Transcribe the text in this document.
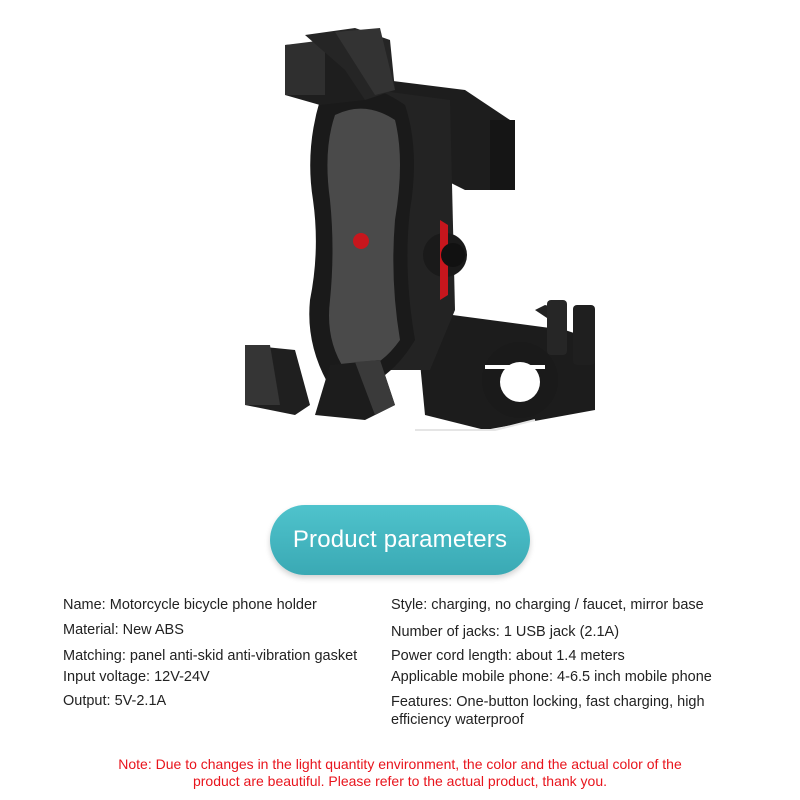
Product parameters
Name: Motorcycle bicycle phone holder
Material: New ABS
Matching: panel anti-skid anti-vibration gasket
Input voltage: 12V-24V
Output: 5V-2.1A
Style: charging, no charging / faucet, mirror base
Number of jacks: 1 USB jack (2.1A)
Power cord length: about 1.4 meters
Applicable mobile phone: 4-6.5 inch mobile phone
Features: One-button locking, fast charging, high
efficiency waterproof
Note: Due to changes in the light quantity environment, the color and the actual color of the
product are beautiful. Please refer to the actual product, thank you.
